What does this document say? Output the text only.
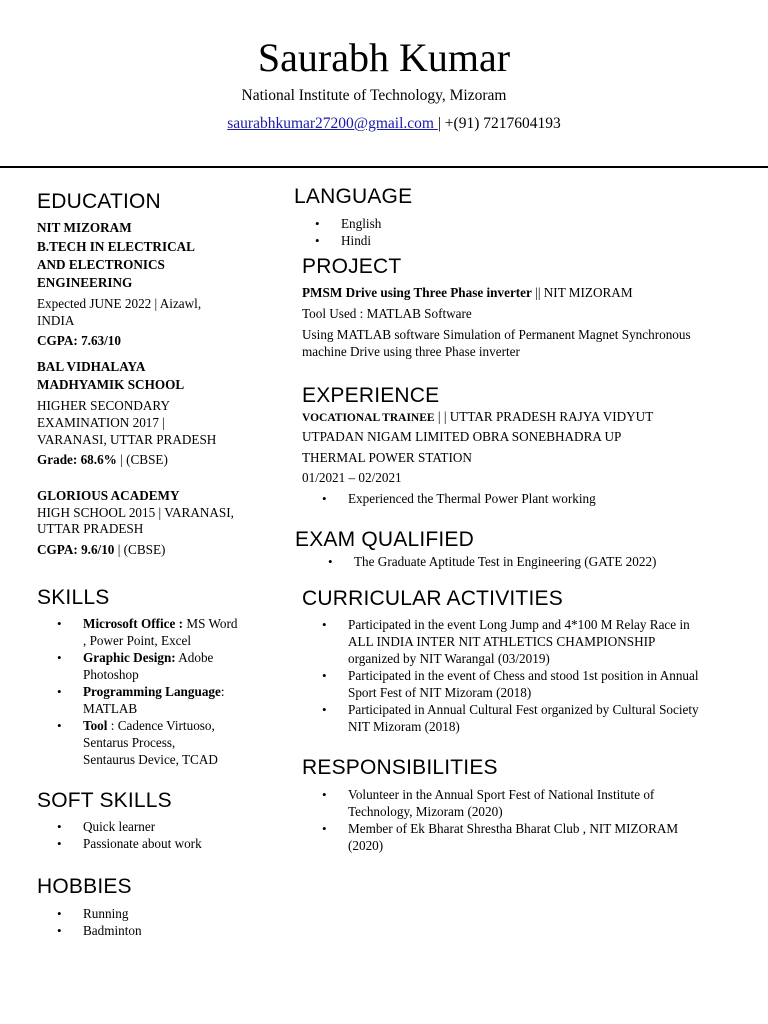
Saurabh Kumar
National Institute of Technology, Mizoram
saurabhkumar27200@gmail.com | +(91) 7217604193
EDUCATION
NIT MIZORAM
B.TECH IN ELECTRICAL
AND ELECTRONICS
ENGINEERING
Expected JUNE 2022 | Aizawl,
INDIA
CGPA: 7.63/10
BAL VIDHALAYA
MADHYAMIK SCHOOL
HIGHER SECONDARY
EXAMINATION 2017 |
VARANASI, UTTAR PRADESH
Grade: 68.6% | (CBSE)
GLORIOUS ACADEMY
HIGH SCHOOL 2015 | VARANASI,
UTTAR PRADESH
CGPA: 9.6/10 | (CBSE)
SKILLS
• Microsoft Office : MS Word
, Power Point, Excel
• Graphic Design: Adobe
Photoshop
• Programming Language:
MATLAB
• Tool : Cadence Virtuoso,
Sentarus Process,
Sentaurus Device, TCAD
SOFT SKILLS
• Quick learner
• Passionate about work
HOBBIES
• Running
• Badminton
LANGUAGE
• English
• Hindi
PROJECT
PMSM Drive using Three Phase inverter || NIT MIZORAM
Tool Used : MATLAB Software
Using MATLAB software Simulation of Permanent Magnet Synchronous
machine Drive using three Phase inverter
EXPERIENCE
VOCATIONAL TRAINEE | | UTTAR PRADESH RAJYA VIDYUT
UTPADAN NIGAM LIMITED OBRA SONEBHADRA UP
THERMAL POWER STATION
01/2021 – 02/2021
• Experienced the Thermal Power Plant working
EXAM QUALIFIED
• The Graduate Aptitude Test in Engineering (GATE 2022)
CURRICULAR ACTIVITIES
• Participated in the event Long Jump and 4*100 M Relay Race in
ALL INDIA INTER NIT ATHLETICS CHAMPIONSHIP
organized by NIT Warangal (03/2019)
• Participated in the event of Chess and stood 1st position in Annual
Sport Fest of NIT Mizoram (2018)
• Participated in Annual Cultural Fest organized by Cultural Society
NIT Mizoram (2018)
RESPONSIBILITIES
• Volunteer in the Annual Sport Fest of National Institute of
Technology, Mizoram (2020)
• Member of Ek Bharat Shrestha Bharat Club , NIT MIZORAM
(2020)
